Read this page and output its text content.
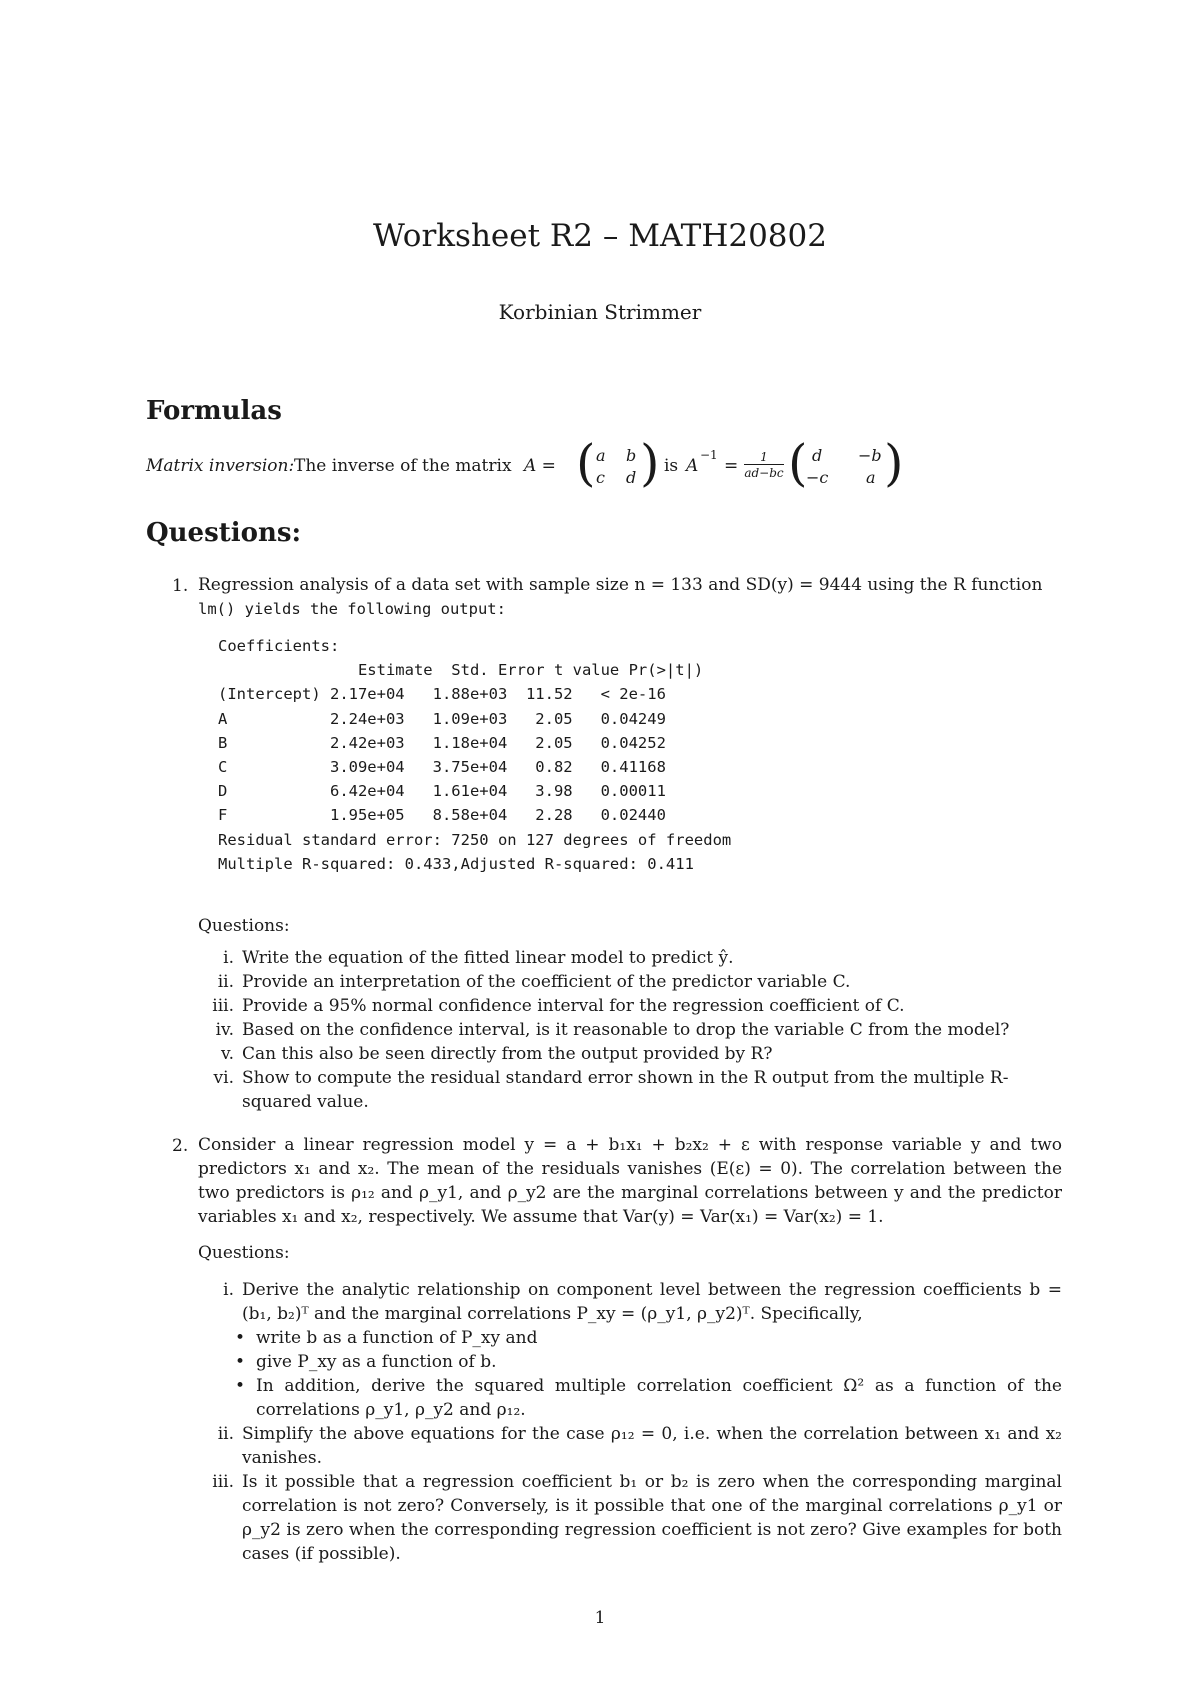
Worksheet R2 – MATH20802
Korbinian Strimmer
Formulas
Matrix inversion: The inverse of the matrix A = ( a b
c d ) is A
−1
=	1
ad−bc ( d −b
−c a )
Questions:
1. Regression analysis of a data set with sample size n = 133 and SD(y) = 9444 using the R function
lm() yields the following output:
Coefficients:
Estimate  Std. Error t value Pr(>|t|)
(Intercept) 2.17e+04   1.88e+03  11.52   < 2e-16
A           2.24e+03   1.09e+03   2.05   0.04249
B           2.42e+03   1.18e+04   2.05   0.04252
C           3.09e+04   3.75e+04   0.82   0.41168
D           6.42e+04   1.61e+04   3.98   0.00011
F           1.95e+05   8.58e+04   2.28   0.02440
Residual standard error: 7250 on 127 degrees of freedom
Multiple R-squared: 0.433,Adjusted R-squared: 0.411
Questions:
i. Write the equation of the fitted linear model to predict ŷ.
ii. Provide an interpretation of the coefficient of the predictor variable C.
iii. Provide a 95% normal confidence interval for the regression coefficient of C.
iv. Based on the confidence interval, is it reasonable to drop the variable C from the model?
v. Can this also be seen directly from the output provided by R?
vi. Show to compute the residual standard error shown in the R output from the multiple R-squared value.
2. Consider a linear regression model y = a + b₁x₁ + b₂x₂ + ε with response variable y and two predictors x₁ and x₂. The mean of the residuals vanishes (E(ε) = 0). The correlation between the two predictors is ρ₁₂ and ρ_y1, and ρ_y2 are the marginal correlations between y and the predictor variables x₁ and x₂, respectively. We assume that Var(y) = Var(x₁) = Var(x₂) = 1.
Questions:
i. Derive the analytic relationship on component level between the regression coefficients b = (b₁, b₂)ᵀ and the marginal correlations P_xy = (ρ_y1, ρ_y2)ᵀ. Specifically,
• write b as a function of P_xy and
• give P_xy as a function of b.
• In addition, derive the squared multiple correlation coefficient Ω² as a function of the correlations ρ_y1, ρ_y2 and ρ₁₂.
ii. Simplify the above equations for the case ρ₁₂ = 0, i.e. when the correlation between x₁ and x₂ vanishes.
iii. Is it possible that a regression coefficient b₁ or b₂ is zero when the corresponding marginal correlation is not zero? Conversely, is it possible that one of the marginal correlations ρ_y1 or ρ_y2 is zero when the corresponding regression coefficient is not zero? Give examples for both cases (if possible).
1
